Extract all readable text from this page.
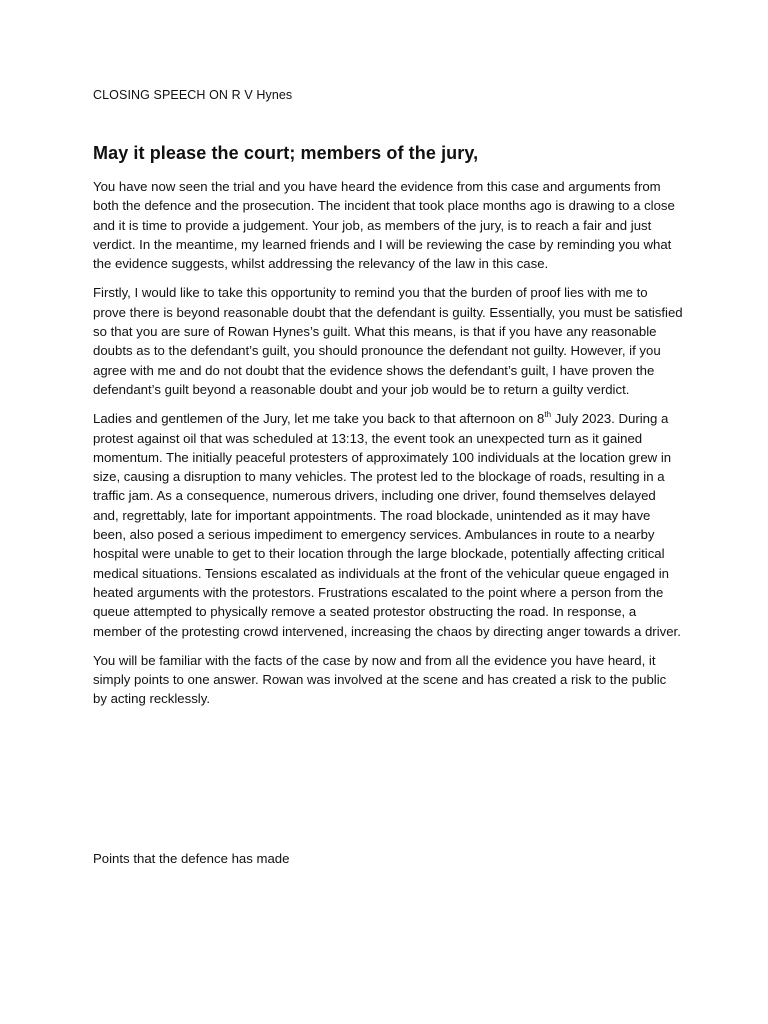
CLOSING SPEECH ON R V Hynes
May it please the court; members of the jury,

You have now seen the trial and you have heard the evidence from this case and arguments from both the defence and the prosecution. The incident that took place months ago is drawing to a close and it is time to provide a judgement. Your job, as members of the jury, is to reach a fair and just verdict. In the meantime, my learned friends and I will be reviewing the case by reminding you what the evidence suggests, whilst addressing the relevancy of the law in this case.

Firstly, I would like to take this opportunity to remind you that the burden of proof lies with me to prove there is beyond reasonable doubt that the defendant is guilty. Essentially, you must be satisfied so that you are sure of Rowan Hynes’s guilt. What this means, is that if you have any reasonable doubts as to the defendant’s guilt, you should pronounce the defendant not guilty. However, if you agree with me and do not doubt that the evidence shows the defendant’s guilt, I have proven the defendant’s guilt beyond a reasonable doubt and your job would be to return a guilty verdict.

Ladies and gentlemen of the Jury, let me take you back to that afternoon on 8th July 2023. During a protest against oil that was scheduled at 13:13, the event took an unexpected turn as it gained momentum. The initially peaceful protesters of approximately 100 individuals at the location grew in size, causing a disruption to many vehicles. The protest led to the blockage of roads, resulting in a traffic jam. As a consequence, numerous drivers, including one driver, found themselves delayed and, regrettably, late for important appointments. The road blockade, unintended as it may have been, also posed a serious impediment to emergency services. Ambulances in route to a nearby hospital were unable to get to their location through the large blockade, potentially affecting critical medical situations. Tensions escalated as individuals at the front of the vehicular queue engaged in heated arguments with the protestors. Frustrations escalated to the point where a person from the queue attempted to physically remove a seated protestor obstructing the road. In response, a member of the protesting crowd intervened, increasing the chaos by directing anger towards a driver.

You will be familiar with the facts of the case by now and from all the evidence you have heard, it simply points to one answer. Rowan was involved at the scene and has created a risk to the public by acting recklessly.

Points that the defence has made
